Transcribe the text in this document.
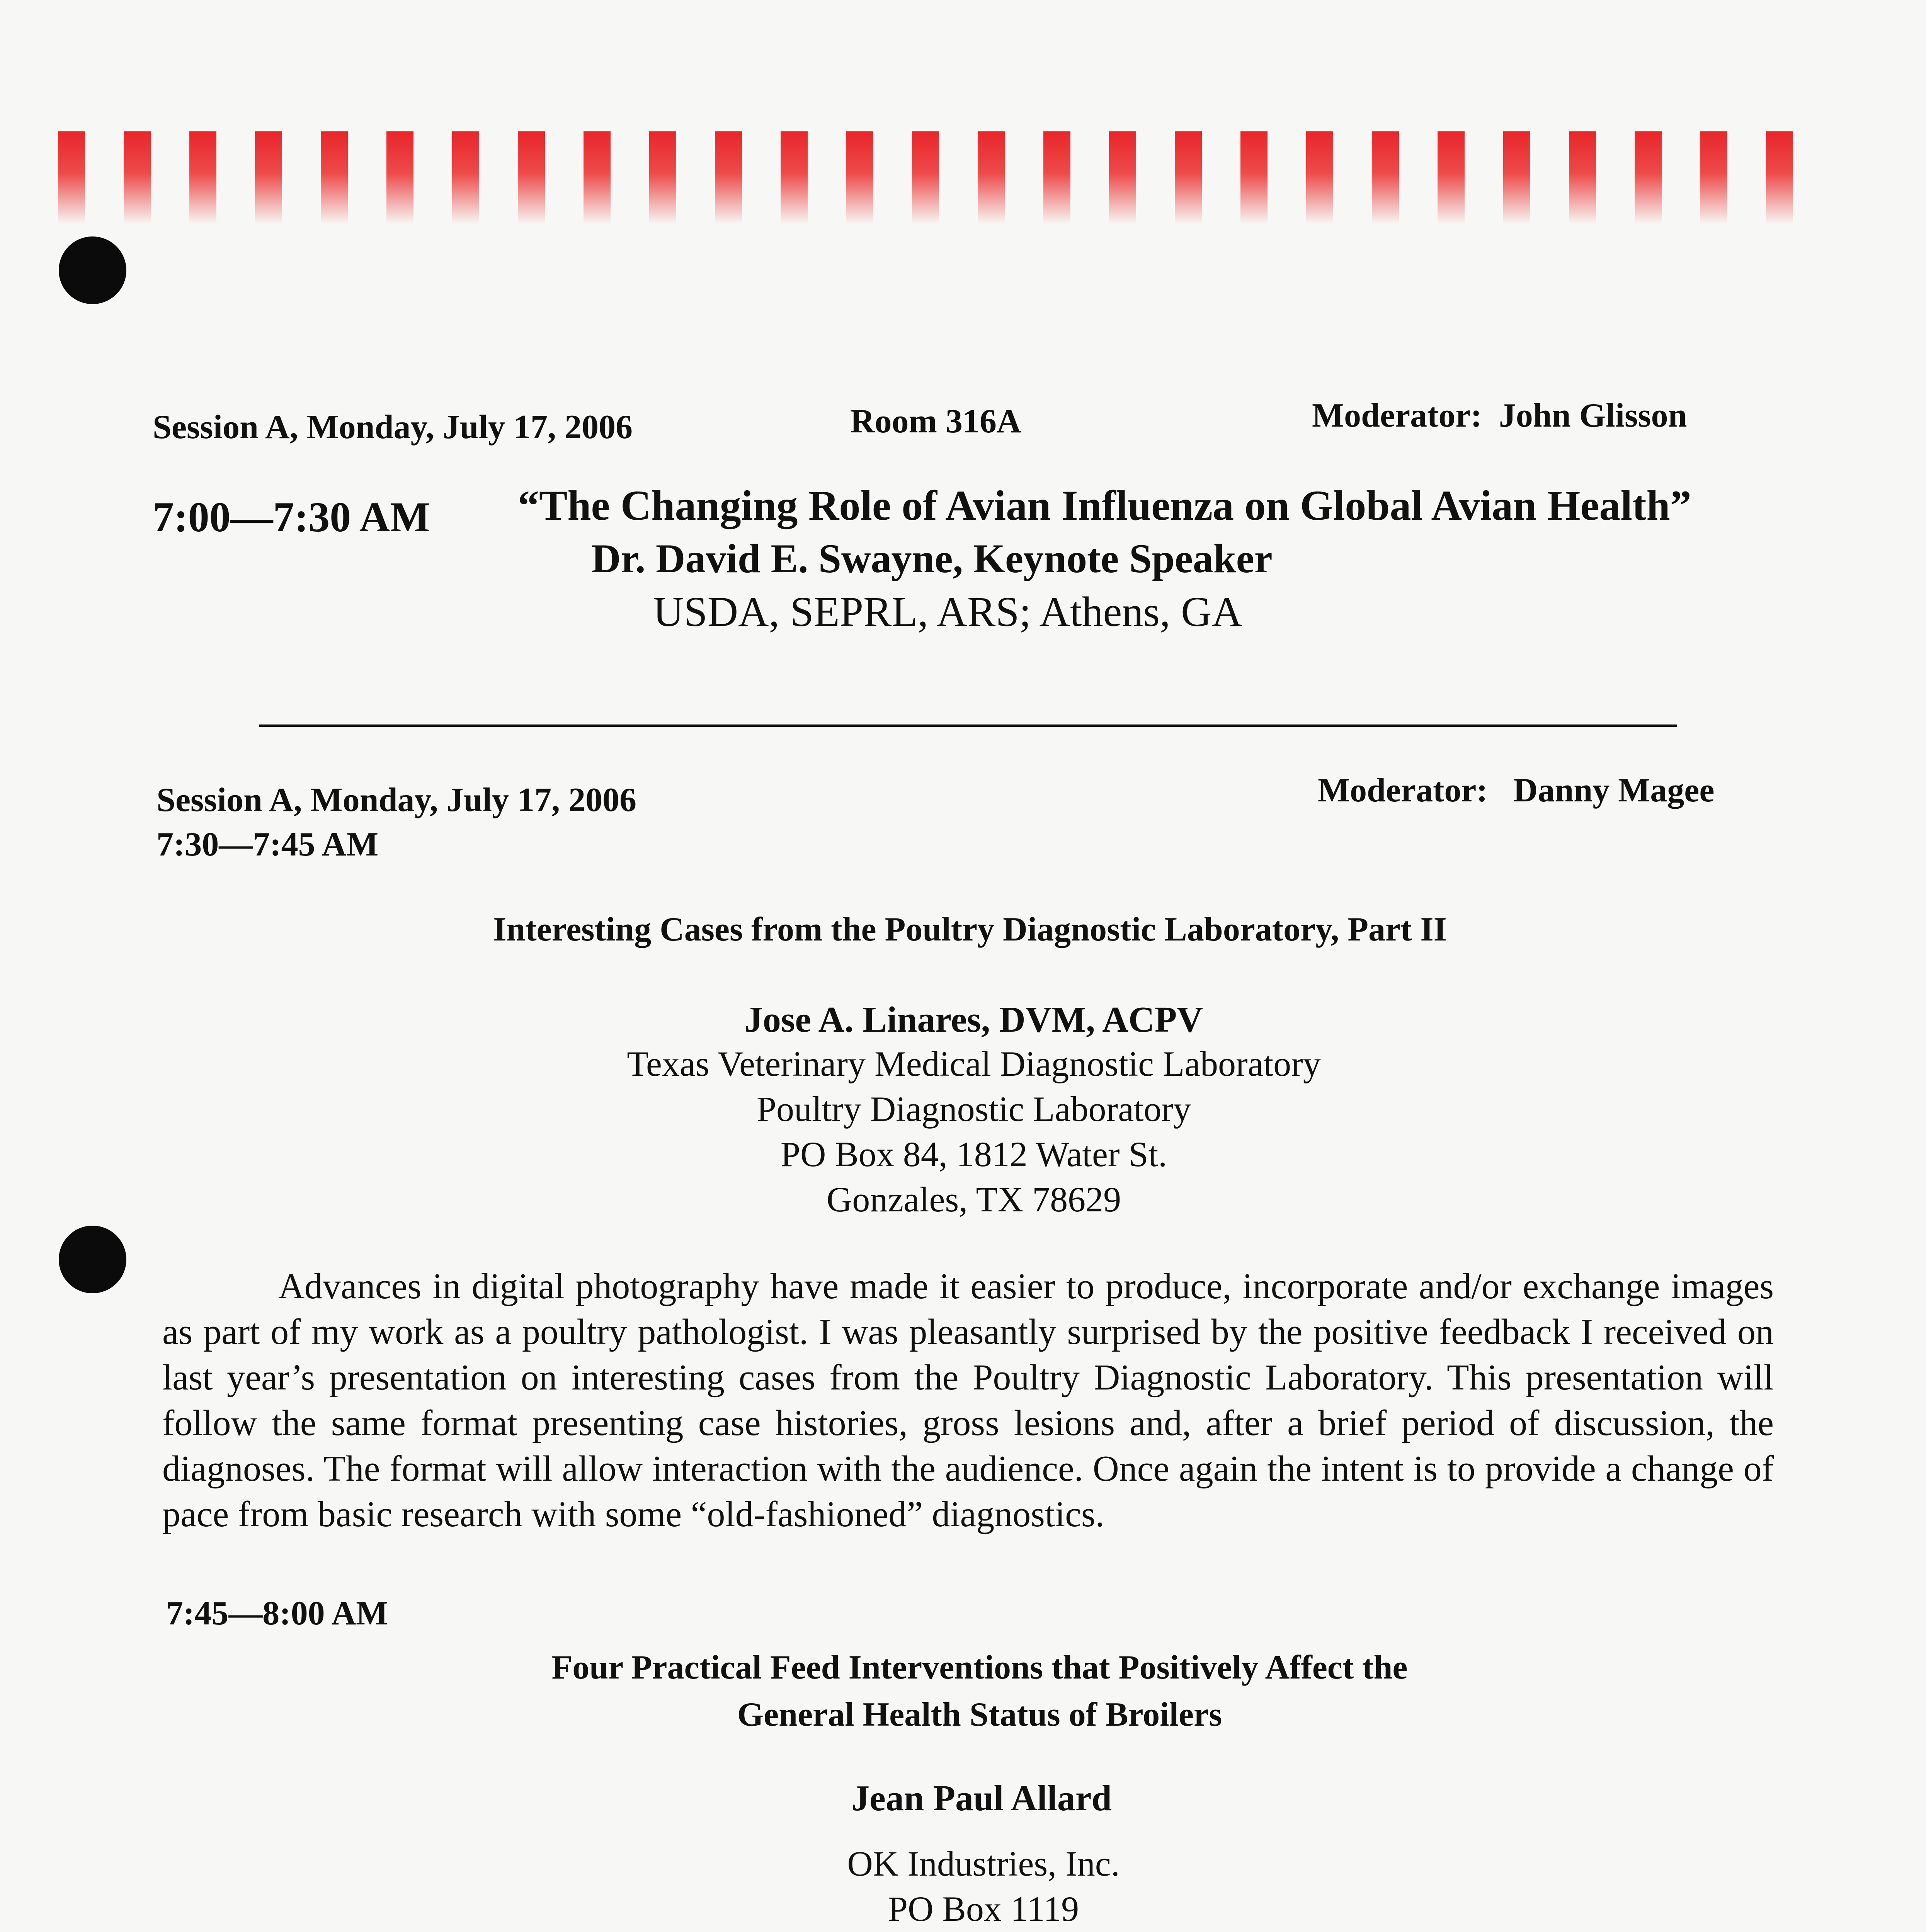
Session A, Monday, July 17, 2006	Room 316A	Moderator: John Glisson
7:00—7:30 AM “The Changing Role of Avian Influenza on Global Avian Health”
Dr. David E. Swayne, Keynote Speaker
USDA, SEPRL, ARS; Athens, GA
Session A, Monday, July 17, 2006
7:30—7:45 AM
Moderator: Danny Magee
Interesting Cases from the Poultry Diagnostic Laboratory, Part II
Jose A. Linares, DVM, ACPV
Texas Veterinary Medical Diagnostic Laboratory
Poultry Diagnostic Laboratory
PO Box 84, 1812 Water St.
Gonzales, TX 78629
Advances in digital photography have made it easier to produce, incorporate and/or exchange images as part of my work as a poultry pathologist. I was pleasantly surprised by the positive feedback I received on last year’s presentation on interesting cases from the Poultry Diagnostic Laboratory. This presentation will follow the same format presenting case histories, gross lesions and, after a brief period of discussion, the diagnoses. The format will allow interaction with the audience. Once again the intent is to provide a change of pace from basic research with some “old-fashioned” diagnostics.
7:45—8:00 AM
Four Practical Feed Interventions that Positively Affect the
General Health Status of Broilers
Jean Paul Allard
OK Industries, Inc.
PO Box 1119
